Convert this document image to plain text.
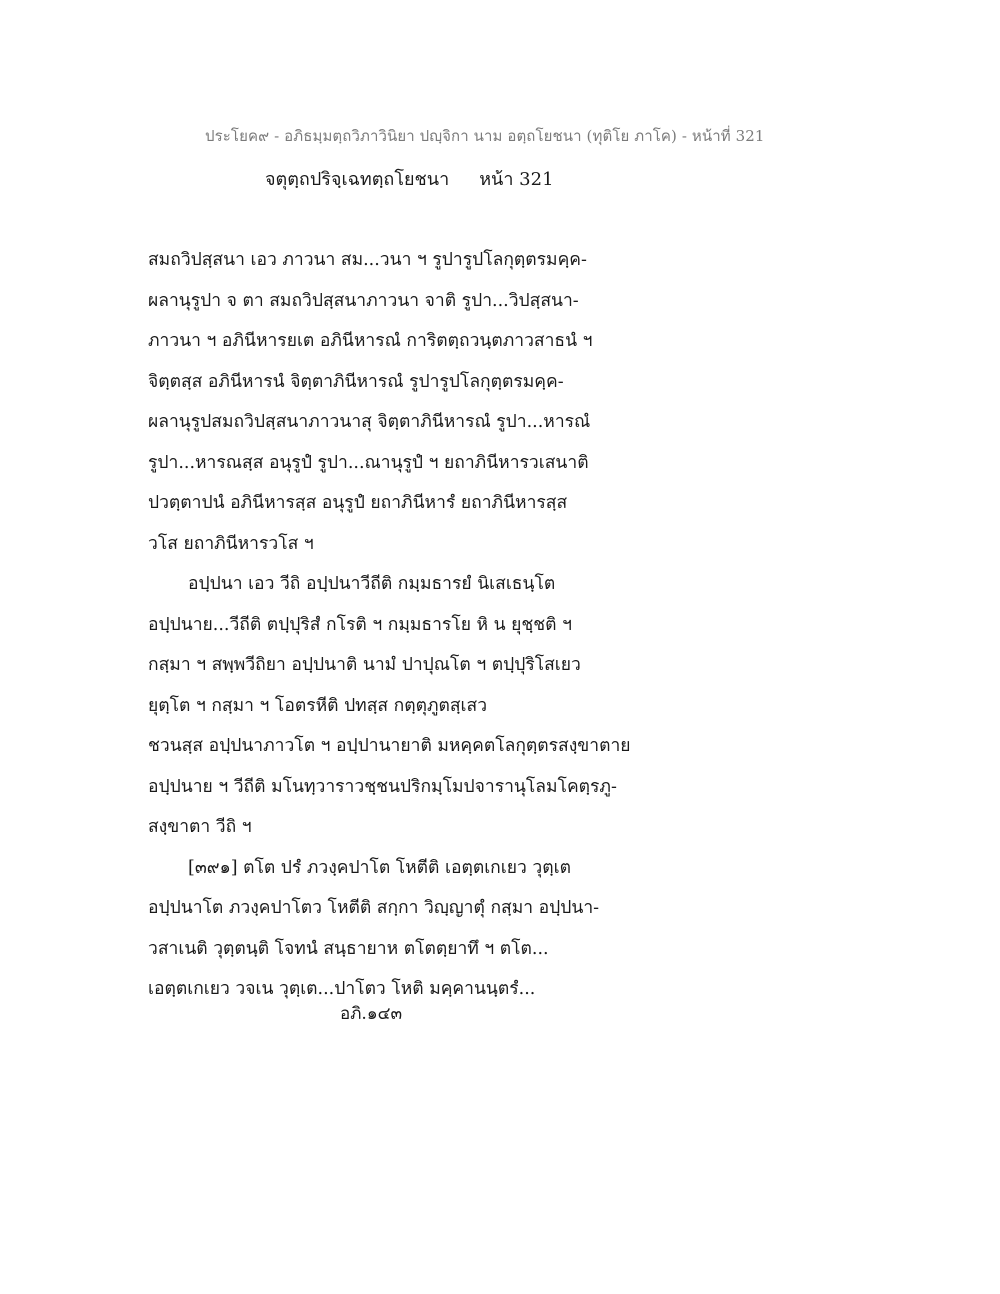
ประโยค๙ - อภิธมฺมตฺถวิภาวินิยา ปญฺจิกา นาม อตฺถโยชนา (ทุติโย ภาโค) - หน้าที่ 321
จตุตฺถปริจฺเฉทตฺถโยชนา หน้า 321
สมถวิปสฺสนา เอว ภาวนา สม...วนา ฯ รูปารูปโลกุตฺตรมคฺค-
ผลานุรูปา จ ตา สมถวิปสฺสนาภาวนา จาติ รูปา...วิปสฺสนา-
ภาวนา ฯ อภินีหารยเต อภินีหารณํ การิตตฺถวนฺตภาวสาธนํ ฯ
จิตฺตสฺส อภินีหารนํ จิตฺตาภินีหารณํ รูปารูปโลกุตฺตรมคฺค-
ผลานุรูปสมถวิปสฺสนาภาวนาสุ จิตฺตาภินีหารณํ รูปา...หารณํ
รูปา...หารณสฺส อนุรูปํ รูปา...ณานุรูปํ ฯ ยถาภินีหารวเสนาติ
ปวตฺตาปนํ อภินีหารสฺส อนุรูปํ ยถาภินีหารํ ยถาภินีหารสฺส
วโส ยถาภินีหารวโส ฯ
อปฺปนา เอว วีถิ อปฺปนาวีถีติ กมฺมธารยํ นิเสเธนฺโต
อปฺปนาย...วีถีติ ตปฺปุริสํ กโรติ ฯ กมฺมธารโย หิ น ยุชฺชติ ฯ
กสฺมา ฯ สพฺพวีถิยา อปฺปนาติ นามํ ปาปุณโต ฯ ตปฺปุริโสเยว
ยุตฺโต ฯ กสฺมา ฯ โอตรหีติ ปทสฺส กตฺตุภูตสฺเสว
ชวนสฺส อปฺปนาภาวโต ฯ อปฺปานายาติ มหคฺคตโลกุตฺตรสงฺขาตาย
อปฺปนาย ฯ วีถีติ มโนทฺวาราวชฺชนปริกมฺโมปจารานุโลมโคตฺรภู-
สงฺขาตา วีถิ ฯ
[๓๙๑] ตโต ปรํ ภวงฺคปาโต โหตีติ เอตฺตเกเยว วุตฺเต
อปฺปนาโต ภวงฺคปาโตว โหตีติ สกฺกา วิญฺญาตุํ กสฺมา อปฺปนา-
วสาเนติ วุตฺตนฺติ โจทนํ สนฺธายาห ตโตตฺยาทึ ฯ ตโต...
เอตฺตเกเยว วจเน วุตฺเต...ปาโตว โหติ มคฺคานนฺตรํ...
อภิ.๑๔๓
